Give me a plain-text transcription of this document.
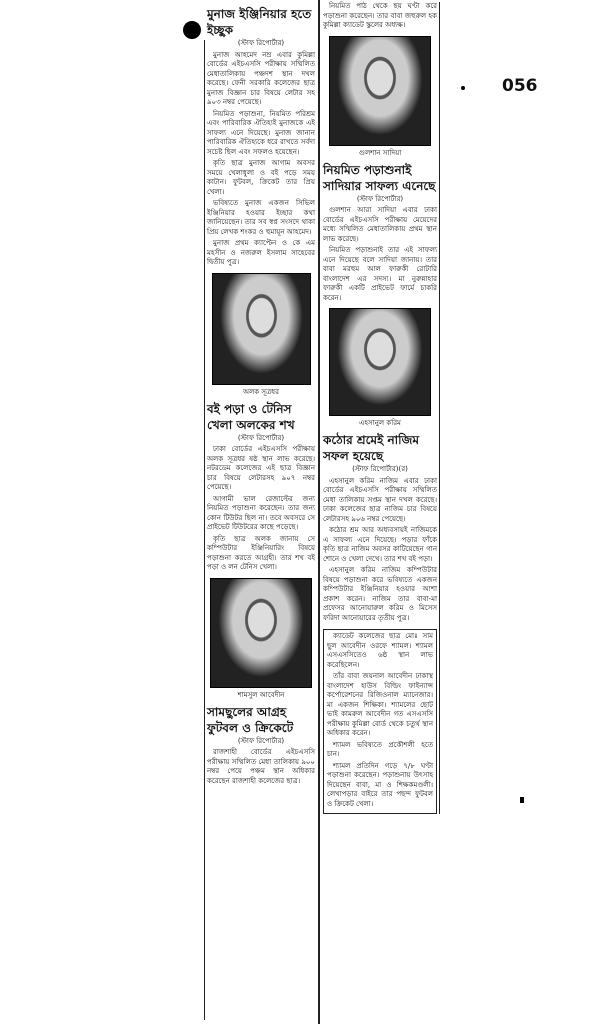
056
মুনাজ ইঞ্জিনিয়ার হতে ইচ্ছুক
(স্টাফ রিপোর্টার)

মুনাজ আহমেদ নম্র এবার কুমিল্লা বোর্ডের এইচএসসি পরীক্ষায় সম্মিলিত মেধাতালিকায় পঞ্চদশ স্থান দখল করেছে। ফেনী সরকারি কলেজের ছাত্র মুনাজ বিজ্ঞান চার বিষয়ে লেটার সহ ৯০৩ নম্বর পেয়েছে।

নিয়মিত পড়াশুনা, নিয়মিত পরিশ্রম এবং পারিবারিক ঐতিহ্যই মুনাজকে এই সাফল্য এনে দিয়েছে। মুনাজ জানান পারিবারিক ঐতিহ্যকে ধরে রাখতে সর্বদা সচেষ্ট ছিল এবং সফলও হয়েছেন।

কৃতি ছাত্র মুনাজ আগাম অবসর সময়ে খেলাধুলা ও বই পড়ে সময় কাটান। ফুটবল, ক্রিকেট তার প্রিয় খেলা।

ভবিষ্যতে মুনাজ একজন সিভিল ইঞ্জিনিয়ার হওয়ার ইচ্ছার কথা জানিয়েছেন। তার সব স্বপ্ন সংসদে থাকা প্রিয় লেখক শংকর ও হুমায়ূন আহমেদ।

মুনাজ প্রথম ক্যাপ্টেন ও কে এম মহসীন ও নজরুল ইসলাম সাহেবের দ্বিতীয় পুত্র।

অলক সূত্রধর
বই পড়া ও টেনিস খেলা অলকের শখ
(স্টাফ রিপোর্টার)

ঢাকা বোর্ডের এইচএসসি পরীক্ষায় অলক সূত্রধর ষষ্ঠ স্থান লাভ করেছে। নটরডেম কলেজের এই ছাত্র বিজ্ঞান চার বিষয়ে লেটারসহ ৯০৭ নম্বর পেয়েছে।

আগামী ভাল রেজাল্টের জন্য নিয়মিত পড়াশুনা করেছেন। তার জন্য কোন টিউটর ছিল না। তবে অবসরে সে প্রাইভেট টিউটরের কাছে পড়েছে।

কৃতি ছাত্র অলক জানায় সে কম্পিউটার ইঞ্জিনিয়ারিং বিষয়ে পড়াশুনা করতে আগ্রহী। তার শখ বই পড়া ও লন টেনিস খেলা।

শামসুল আবেদীন
সামছুলের আগ্রহ ফুটবল ও ক্রিকেটে
(স্টাফ রিপোর্টার)

রাজশাহী বোর্ডের এইচএসসি পরীক্ষায় সম্মিলিত মেধা তালিকায় ৯০০ নম্বর পেয়ে পঞ্চম স্থান অধিকার করেছেন রাজশাহী কলেজের ছাত্র।

নিয়মিত পাঠ থেকে ছয় ঘণ্টা করে পড়াশুনা করেছেন। তার বাবা জহুরুল হক কুমিল্লা ক্যাডেট স্কুলের অধ্যক্ষ।

গুলশান সাদিয়া
নিয়মিত পড়াশুনাই সাদিয়ার সাফল্য এনেছে
(স্টাফ রিপোর্টার)

গুলশান আরা সাদিয়া এবার ঢাকা বোর্ডের এইচএসসি পরীক্ষায় মেয়েদের মধ্যে সম্মিলিত মেধাতালিকায় প্রথম স্থান লাভ করেছে।

নিয়মিত পড়াশুনাই তার এই সাফল্য এনে দিয়েছে বলে সাদিয়া জানায়। তার বাবা মরহুম আল ফারুকী রোটারি বাংলাদেশ এর সদস্য। মা নুরুন্নাহার ফারুকী একটি প্রাইভেট ফার্মে চাকরি করেন।

এহসানুল করিম
কঠোর শ্রমেই নাজিম সফল হয়েছে
(স্টাফ রিপোর্টার)(র)

এহসানুল করিম নাজিম এবার ঢাকা বোর্ডের এইচএসসি পরীক্ষায় সম্মিলিত মেধা তালিকায় সপ্তম স্থান দখল করেছে। ঢাকা কলেজের ছাত্র নাজিম চার বিষয়ে লেটারসহ ৯০৬ নম্বর পেয়েছে।

কঠোর শ্রম আর অধ্যবসায়ই নাজিমকে এ সাফল্য এনে দিয়েছে। পড়ার ফাঁকে কৃতি ছাত্র নাজিম অবসর কাটিয়েছেন গান শোনে ও খেলা দেখে। তার শখ বই পড়া।

এহসানুল করিম নাজিম কম্পিউটার বিষয়ে পড়াশুনা করে ভবিষ্যতে একজন কম্পিউটার ইঞ্জিনিয়ার হওয়ার আশা প্রকাশ করেন। নাজিম তার বাবা-মা প্রফেসর আনোয়ারুল করিম ও মিসেস ফরিদা আনোয়ারের তৃতীয় পুত্র।

ক্যাডেট কলেজের ছাত্র মোঃ সাম ছুল আবেদীন ওরফে শ্যামল। শ্যামল এসএসসিতেও ৬ষ্ঠ স্থান লাভ করেছিলেন।

তাঁর বাবা জয়নাল আবেদীন ঢাকাস্থ বাংলাদেশ হাউস বিল্ডিং ফাইন্যান্স কর্পোরেশনের রিজিওনাল ম্যানেজার। মা একজন শিক্ষিকা। শ্যামলের ছোট ভাই কামরুল আবেদীন গত এসএসসি পরীক্ষায় কুমিল্লা বোর্ড থেকে চতুর্থ স্থান অধিকার করেন।

শ্যামল ভবিষ্যতে প্রকৌশলী হতে চান।

শ্যামল প্রতিদিন গড়ে ৭/৮ ঘণ্টা পড়াশুনা করেছেন। পড়াশুনায় উৎসাহ দিয়েছেন বাবা, মা ও শিক্ষকমণ্ডলী। লেখাপড়ার বাইরে তার পছন্দ ফুটবল ও ক্রিকেট খেলা।
